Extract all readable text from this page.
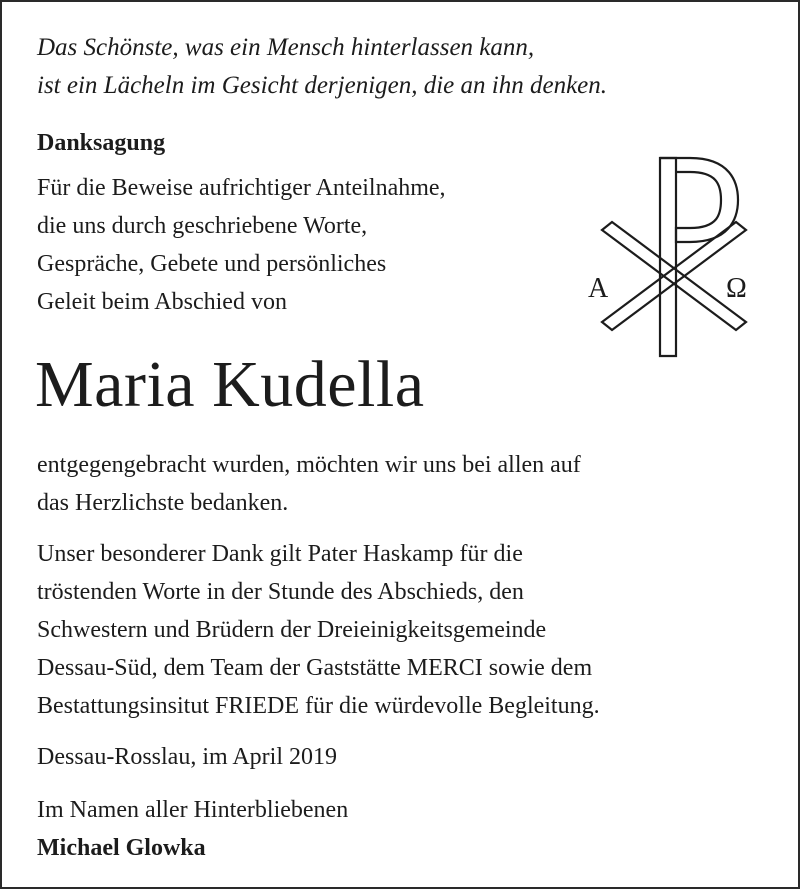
Das Schönste, was ein Mensch hinterlassen kann,
ist ein Lächeln im Gesicht derjenigen, die an ihn denken.
Danksagung
Für die Beweise aufrichtiger Anteilnahme,
die uns durch geschriebene Worte,
Gespräche, Gebete und persönliches
Geleit beim Abschied von	A	Ω
Maria Kudella
entgegengebracht wurden, möchten wir uns bei allen auf
das Herzlichste bedanken.
Unser besonderer Dank gilt Pater Haskamp für die
tröstenden Worte in der Stunde des Abschieds, den
Schwestern und Brüdern der Dreieinigkeitsgemeinde
Dessau-Süd, dem Team der Gaststätte MERCI sowie dem
Bestattungsinsitut FRIEDE für die würdevolle Begleitung.
Dessau-Rosslau, im April 2019
Im Namen aller Hinterbliebenen
Michael Glowka
